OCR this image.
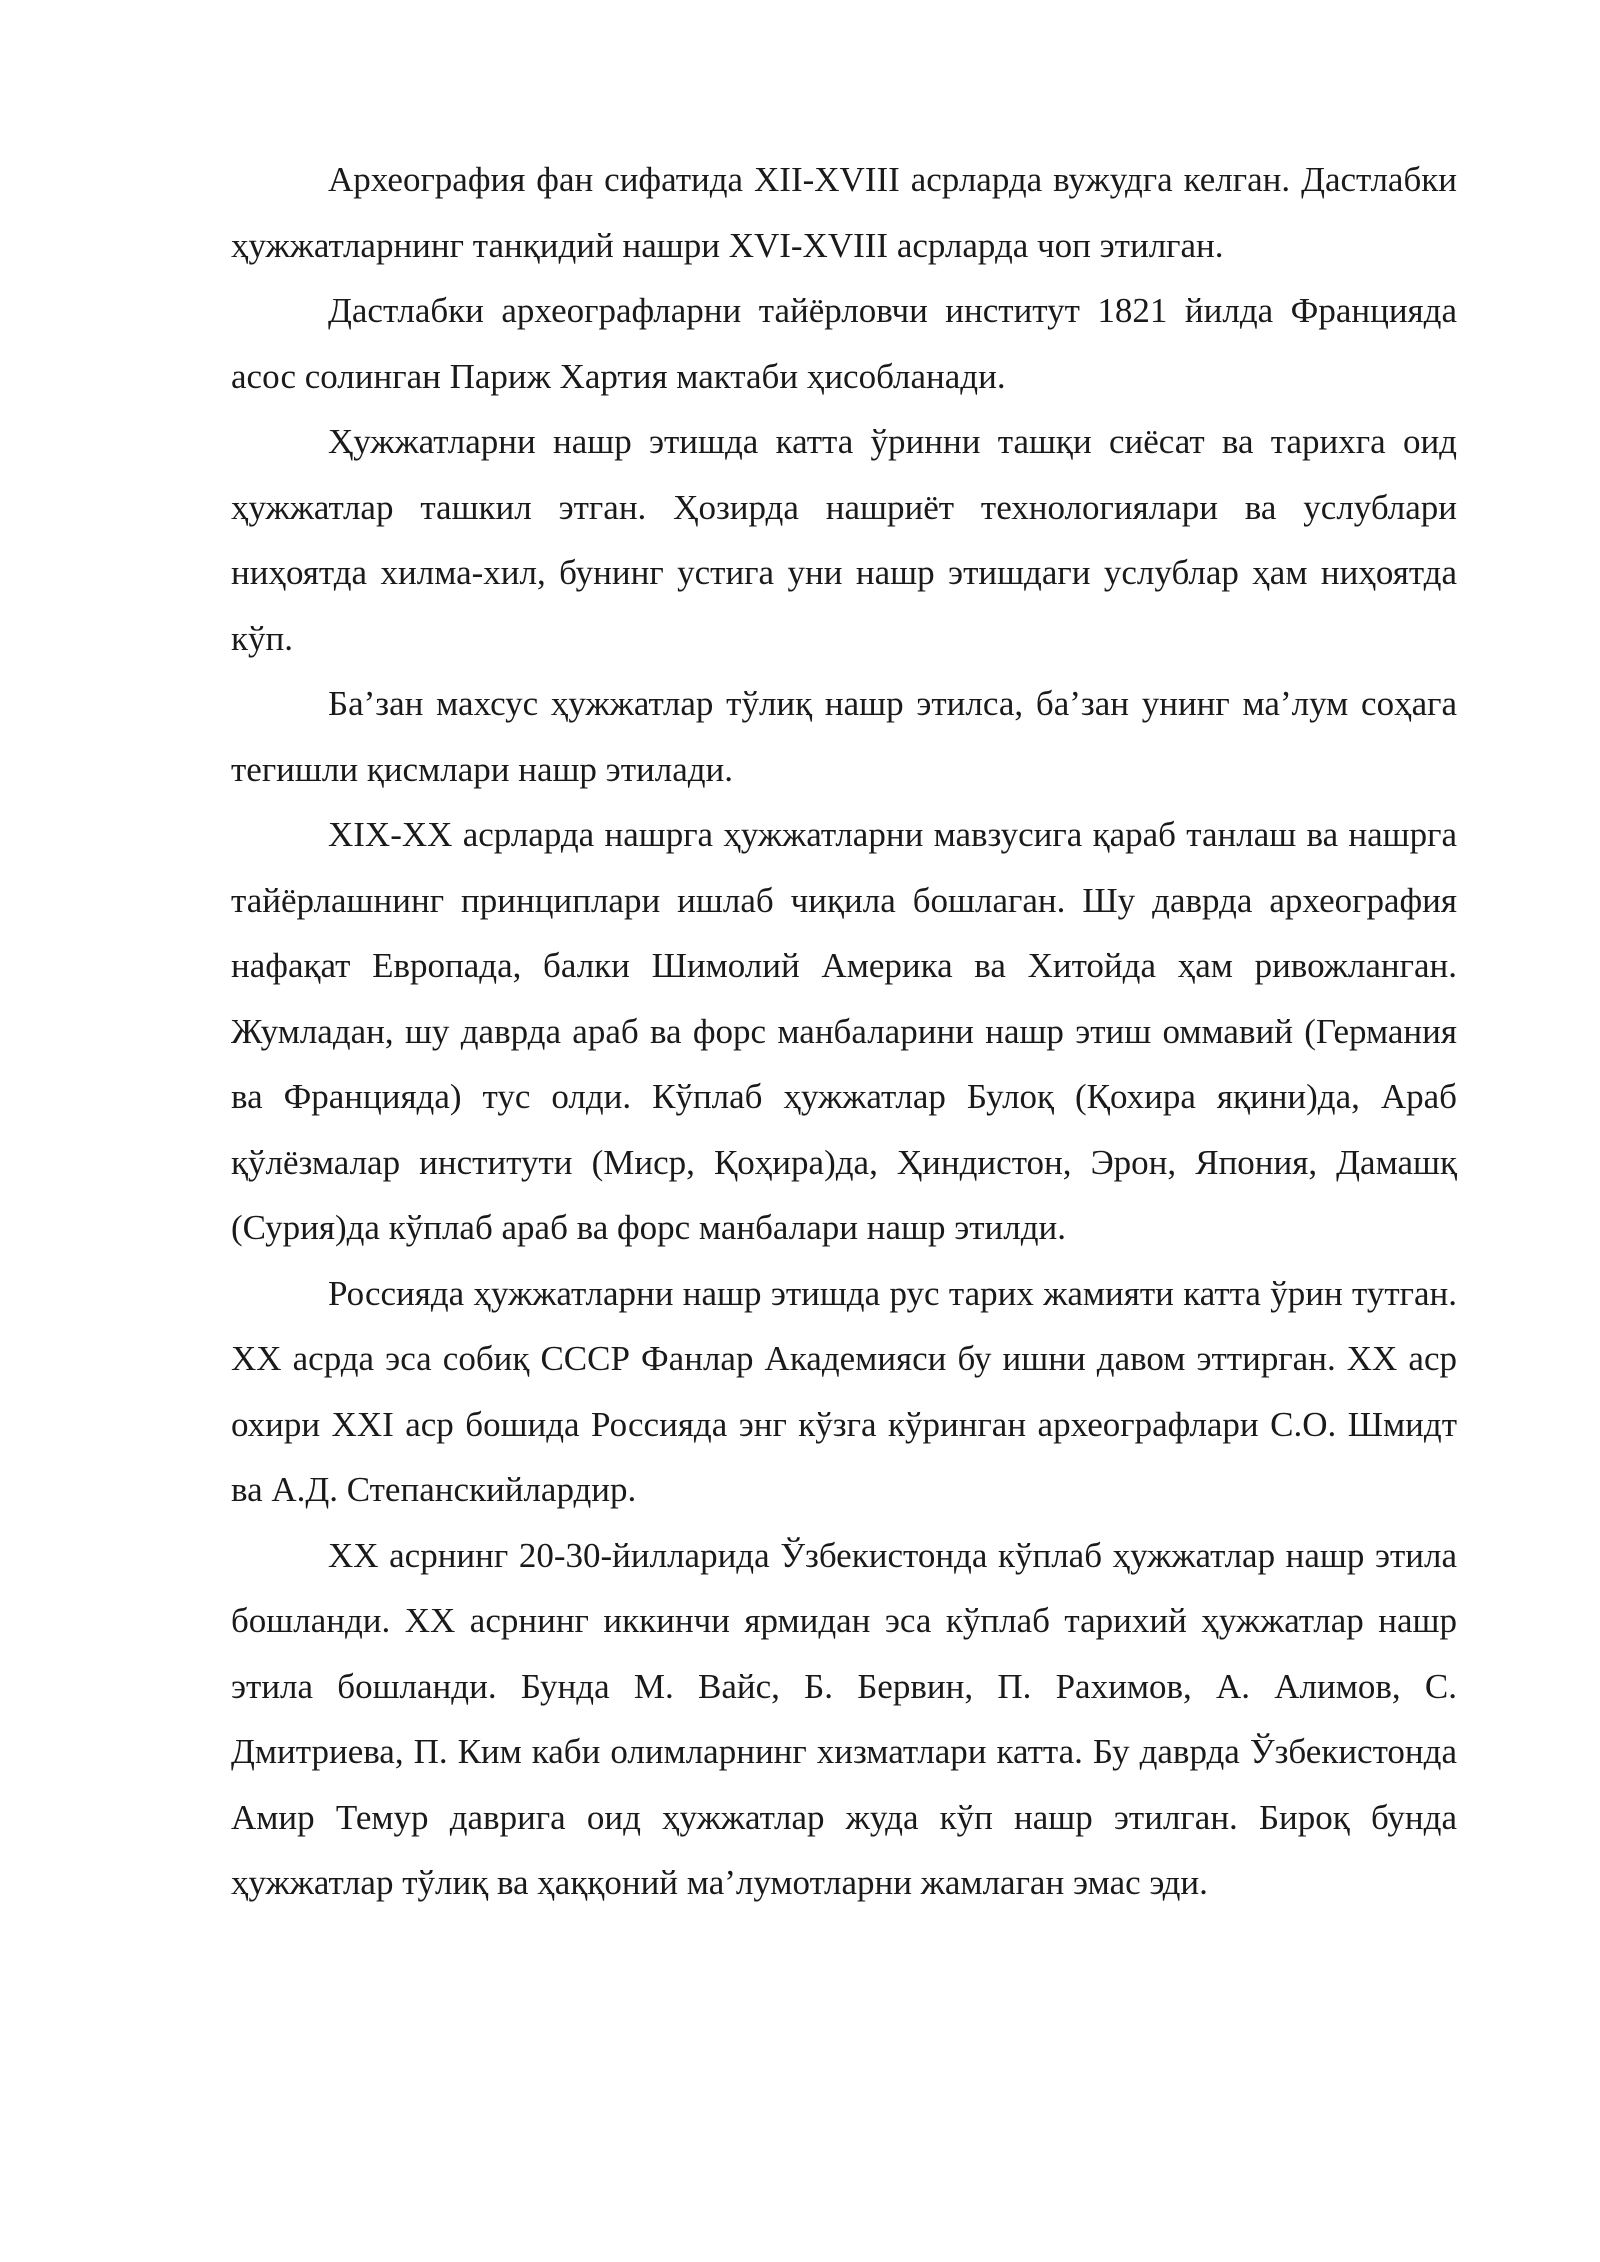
Археография фан сифатида XII-XVIII асрларда вужудга келган. Дастлабки ҳужжатларнинг танқидий нашри XVI-XVIII асрларда чоп этилган.

Дастлабки археографларни тайёрловчи институт 1821 йилда Францияда асос солинган Париж Хартия мактаби ҳисобланади.

Ҳужжатларни нашр этишда катта ўринни ташқи сиёсат ва тарихга оид ҳужжатлар ташкил этган. Ҳозирда нашриёт технологиялари ва услублари ниҳоятда хилма-хил, бунинг устига уни нашр этишдаги услублар ҳам ниҳоятда кўп.

Ба’зан махсус ҳужжатлар тўлиқ нашр этилса, ба’зан унинг ма’лум соҳага тегишли қисмлари нашр этилади.

XIX-XX асрларда нашрга ҳужжатларни мавзусига қараб танлаш ва нашрга тайёрлашнинг принциплари ишлаб чиқила бошлаган. Шу даврда археография нафақат Европада, балки Шимолий Америка ва Хитойда ҳам ривожланган. Жумладан, шу даврда араб ва форс манбаларини нашр этиш оммавий (Германия ва Францияда) тус олди. Кўплаб ҳужжатлар Булоқ (Қохира яқини)да, Араб қўлёзмалар институти (Миср, Қоҳира)да, Ҳиндистон, Эрон, Япония, Дамашқ (Сурия)да кўплаб араб ва форс манбалари нашр этилди.

Россияда ҳужжатларни нашр этишда рус тарих жамияти катта ўрин тутган. XX асрда эса собиқ СССР Фанлар Академияси бу ишни давом эттирган. XX аср охири XXI аср бошида Россияда энг кўзга кўринган археографлари С.О. Шмидт ва А.Д. Степанскийлардир.

XX асрнинг 20-30-йилларида Ўзбекистонда кўплаб ҳужжатлар нашр этила бошланди. XX асрнинг иккинчи ярмидан эса кўплаб тарихий ҳужжатлар нашр этила бошланди. Бунда М. Вайс, Б. Бервин, П. Рахимов, А. Алимов, С. Дмитриева, П. Ким каби олимларнинг хизматлари катта. Бу даврда Ўзбекистонда Амир Темур даврига оид ҳужжатлар жуда кўп нашр этилган. Бироқ бунда ҳужжатлар тўлиқ ва ҳаққоний ма’лумотларни жамлаган эмас эди.
